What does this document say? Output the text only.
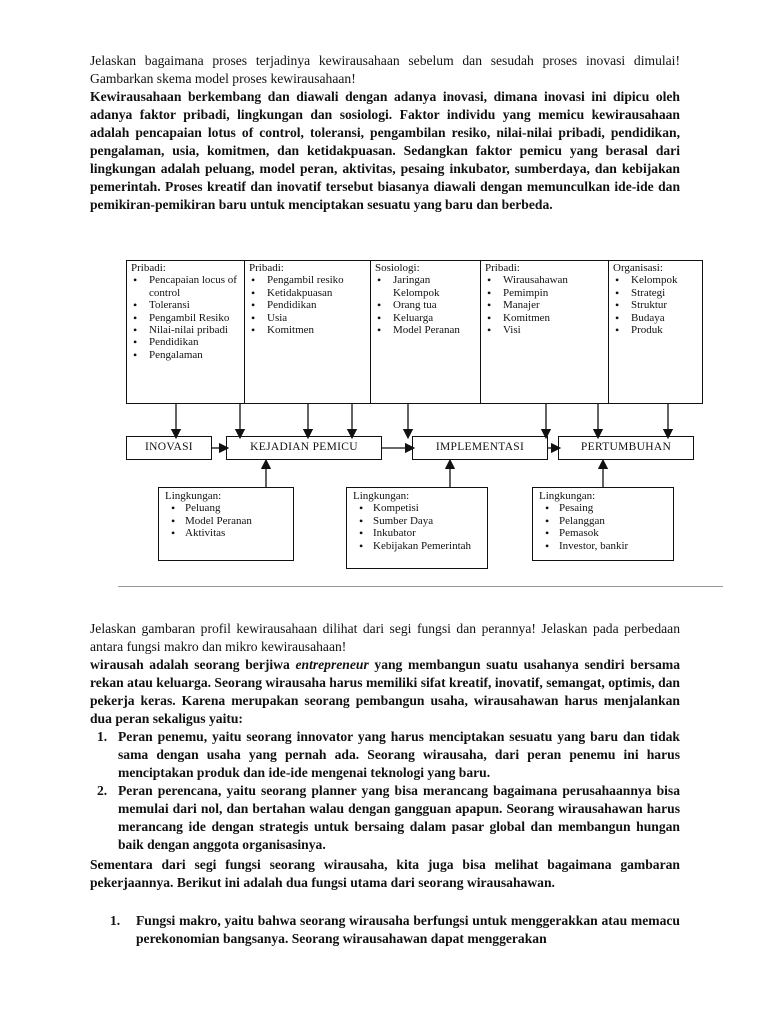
Jelaskan bagaimana proses terjadinya kewirausahaan sebelum dan sesudah proses inovasi dimulai! Gambarkan skema model proses kewirausahaan!

Kewirausahaan berkembang dan diawali dengan adanya inovasi, dimana inovasi ini dipicu oleh adanya faktor pribadi, lingkungan dan sosiologi. Faktor individu yang memicu kewirausahaan adalah pencapaian lotus of control, toleransi, pengambilan resiko, nilai-nilai pribadi, pendidikan, pengalaman, usia, komitmen, dan ketidakpuasan. Sedangkan faktor pemicu yang berasal dari lingkungan adalah peluang, model peran, aktivitas, pesaing inkubator, sumberdaya, dan kebijakan pemerintah. Proses kreatif dan inovatif tersebut biasanya diawali dengan memunculkan ide-ide dan pemikiran-pemikiran baru untuk menciptakan sesuatu yang baru dan berbeda.

Pribadi:
• Pencapaian locus of control
• Toleransi
• Pengambil Resiko
• Nilai-nilai pribadi
• Pendidikan
• Pengalaman
Pribadi:
• Pengambil resiko
• Ketidakpuasan
• Pendidikan
• Usia
• Komitmen
Sosiologi:
• Jaringan Kelompok
• Orang tua
• Keluarga
• Model Peranan
Pribadi:
• Wirausahawan
• Pemimpin
• Manajer
• Komitmen
• Visi
Organisasi:
• Kelompok
• Strategi
• Struktur
• Budaya
• Produk
INOVASI	KEJADIAN PEMICU	IMPLEMENTASI	PERTUMBUHAN
Lingkungan:
• Peluang
• Model Peranan
• Aktivitas
Lingkungan:
• Kompetisi
• Sumber Daya
• Inkubator
• Kebijakan Pemerintah
Lingkungan:
• Pesaing
• Pelanggan
• Pemasok
• Investor, bankir

Jelaskan gambaran profil kewirausahaan dilihat dari segi fungsi dan perannya! Jelaskan pada perbedaan antara fungsi makro dan mikro kewirausahaan!

wirausah adalah seorang berjiwa entrepreneur yang membangun suatu usahanya sendiri bersama rekan atau keluarga. Seorang wirausaha harus memiliki sifat kreatif, inovatif, semangat, optimis, dan pekerja keras. Karena merupakan seorang pembangun usaha, wirausahawan harus menjalankan dua peran sekaligus yaitu:

1. Peran penemu, yaitu seorang innovator yang harus menciptakan sesuatu yang baru dan tidak sama dengan usaha yang pernah ada. Seorang wirausaha, dari peran penemu ini harus menciptakan produk dan ide-ide mengenai teknologi yang baru.
2. Peran perencana, yaitu seorang planner yang bisa merancang bagaimana perusahaannya bisa memulai dari nol, dan bertahan walau dengan gangguan apapun. Seorang wirausahawan harus merancang ide dengan strategis untuk bersaing dalam pasar global dan membangun hungan baik dengan anggota organisasinya.

Sementara dari segi fungsi seorang wirausaha, kita juga bisa melihat bagaimana gambaran pekerjaannya. Berikut ini adalah dua fungsi utama dari seorang wirausahawan.

1. Fungsi makro, yaitu bahwa seorang wirausaha berfungsi untuk menggerakkan atau memacu perekonomian bangsanya. Seorang wirausahawan dapat menggerakan
